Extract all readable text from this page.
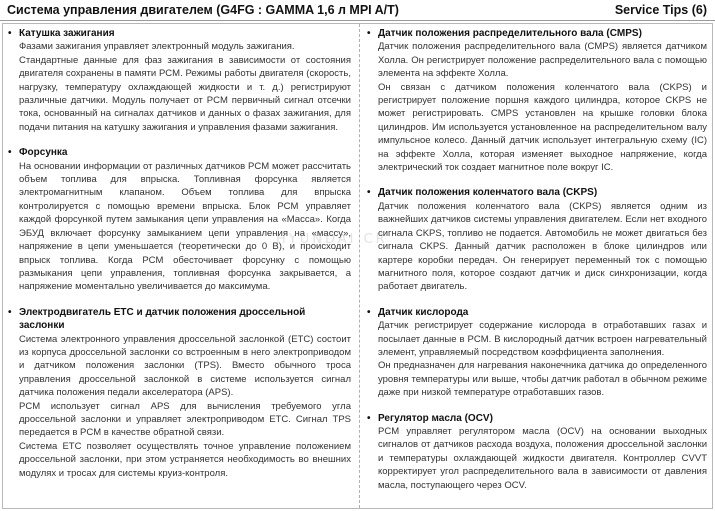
Система управления двигателем (G4FG : GAMMA 1,6 л MPI A/T)	Service Tips (6)
• Катушка зажигания

Фазами зажигания управляет электронный модуль зажигания.

Стандартные данные для фаз зажигания в зависимости от состояния двигателя сохранены в памяти PCM. Режимы работы двигателя (скорость, нагрузку, температуру охлаждающей жидкости и т. д.) регистрируют различные датчики. Модуль получает от PCM первичный сигнал отсечки тока, основанный на сигналах датчиков и данных о фазах зажигания, для подачи питания на катушку зажигания и управления фазами зажигания.

• Форсунка

На основании информации от различных датчиков PCM может рассчитать объем топлива для впрыска. Топливная форсунка является электромагнитным клапаном. Объем топлива для впрыска контролируется с помощью времени впрыска. Блок PCM управляет каждой форсункой путем замыкания цепи управления на «Масса». Когда ЭБУД включает форсунку замыканием цепи управления на «массу», напряжение в цепи уменьшается (теоретически до 0 В), и происходит впрыск топлива. Когда PCM обесточивает форсунку с помощью размыкания цепи управления, топливная форсунка закрывается, а напряжение моментально увеличивается до максимума.

• Электродвигатель ETC и датчик положения дроссельной заслонки

Система электронного управления дроссельной заслонкой (ETC) состоит из корпуса дроссельной заслонки со встроенным в него электроприводом и датчиком положения заслонки (TPS). Вместо обычного троса управления дроссельной заслонкой в системе используется сигнал датчика положения педали акселератора (APS).

PCM использует сигнал APS для вычисления требуемого угла дроссельной заслонки и управляет электроприводом ETC. Сигнал TPS передается в PCM в качестве обратной связи.

Система ETC позволяет осуществлять точное управление положением дроссельной заслонки, при этом устраняется необходимость во внешних модулях и тросах для системы круиз-контроля.

• Датчик положения распределительного вала (CMPS)

Датчик положения распределительного вала (CMPS) является датчиком Холла. Он регистрирует положение распределительного вала с помощью элемента на эффекте Холла.

Он связан с датчиком положения коленчатого вала (CKPS) и регистрирует положение поршня каждого цилиндра, которое CKPS не может регистрировать. CMPS установлен на крышке головки блока цилиндров. Им используется установленное на распределительном валу импульсное колесо. Данный датчик использует интегральную схему (IC) на эффекте Холла, которая изменяет выходное напряжение, когда электрический ток создает магнитное поле вокруг IC.

• Датчик положения коленчатого вала (CKPS)

Датчик положения коленчатого вала (CKPS) является одним из важнейших датчиков системы управления двигателем. Если нет входного сигнала CKPS, топливо не подается. Автомобиль не может двигаться без сигнала CKPS. Данный датчик расположен в блоке цилиндров или картере коробки передач. Он генерирует переменный ток с помощью магнитного поля, которое создают датчик и диск синхронизации, когда работает двигатель.

• Датчик кислорода

Датчик регистрирует содержание кислорода в отработавших газах и посылает данные в PCM. В кислородный датчик встроен нагревательный элемент, управляемый посредством коэффициента заполнения.

Он предназначен для нагревания наконечника датчика до определенного уровня температуры или выше, чтобы датчик работал в обычном режиме даже при низкой температуре отработавших газов.

• Регулятор масла (OCV)

PCM управляет регулятором масла (OCV) на основании выходных сигналов от датчиков расхода воздуха, положения дроссельной заслонки и температуры охлаждающей жидкости двигателя. Контроллер CVVT корректирует угол распределительного вала в зависимости от давления масла, поступающего через OCV.

HYUNDAI CR
